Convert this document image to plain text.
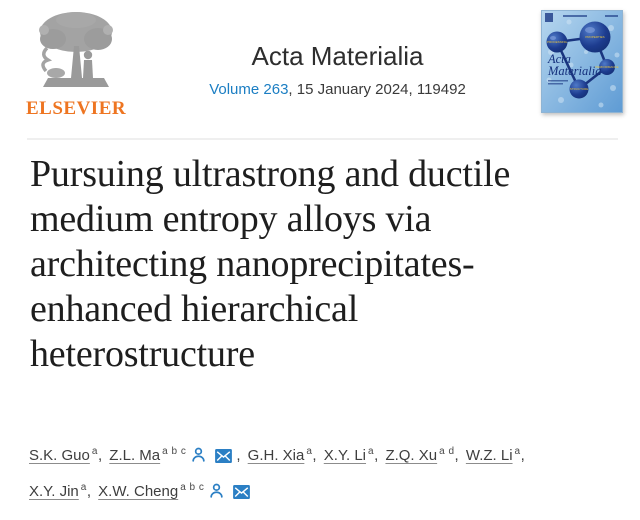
ELSEVIER
Acta Materialia
Volume 263, 15 January 2024, 119492
PROCESSING
PROPERTIES
PERFORMANCE
STRUCTURE
Acta
Materialia
Pursuing ultrastrong and ductile
medium entropy alloys via
architecting nanoprecipitates-
enhanced hierarchical
heterostructure
S.K. Guo $^a$, Z.L. Ma $^{a b c}$	, G.H. Xia $^a$, X.Y. Li $^a$, Z.Q. Xu $^{a d}$, W.Z. Li $^a$,
X.Y. Jin $^a$, X.W. Cheng $^{a b c}$
